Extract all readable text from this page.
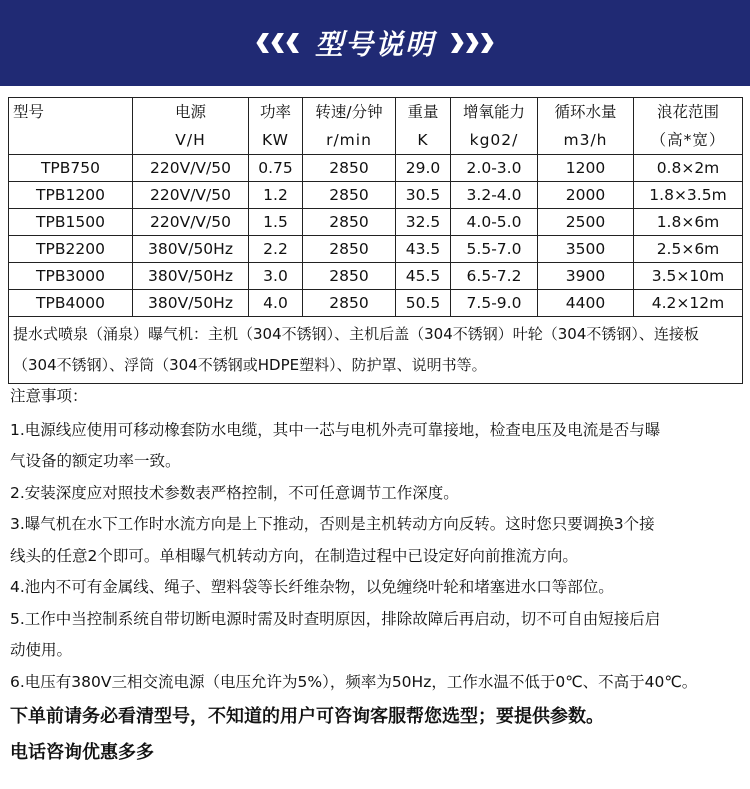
型号说明
型号	电源	功率	转速/分钟	重量	增氧能力	循环水量	浪花范围
	V/H	KW	r/min	K	kg02/	m3/h	（高*宽）
TPB750	220V/V/50	0.75	2850	29.0	2.0-3.0	1200	0.8×2m
TPB1200	220V/V/50	1.2	2850	30.5	3.2-4.0	2000	1.8×3.5m
TPB1500	220V/V/50	1.5	2850	32.5	4.0-5.0	2500	1.8×6m
TPB2200	380V/50Hz	2.2	2850	43.5	5.5-7.0	3500	2.5×6m
TPB3000	380V/50Hz	3.0	2850	45.5	6.5-7.2	3900	3.5×10m
TPB4000	380V/50Hz	4.0	2850	50.5	7.5-9.0	4400	4.2×12m
提水式喷泉（涌泉）曝气机：主机（304不锈钢）、主机后盖（304不锈钢）叶轮（304不锈钢）、连接板（304不锈钢）、浮筒（304不锈钢或HDPE塑料）、防护罩、说明书等。							
注意事项：
1.电源线应使用可移动橡套防水电缆，其中一芯与电机外壳可靠接地，检查电压及电流是否与曝
气设备的额定功率一致。
2.安装深度应对照技术参数表严格控制，不可任意调节工作深度。
3.曝气机在水下工作时水流方向是上下推动，否则是主机转动方向反转。这时您只要调换3个接
线头的任意2个即可。单相曝气机转动方向，在制造过程中已设定好向前推流方向。
4.池内不可有金属线、绳子、塑料袋等长纤维杂物，以免缠绕叶轮和堵塞进水口等部位。
5.工作中当控制系统自带切断电源时需及时查明原因，排除故障后再启动，切不可自由短接后启
动使用。
6.电压有380V三相交流电源（电压允许为5%），频率为50Hz，工作水温不低于0℃、不高于40℃。
下单前请务必看清型号，不知道的用户可咨询客服帮您选型；要提供参数。
电话咨询优惠多多
